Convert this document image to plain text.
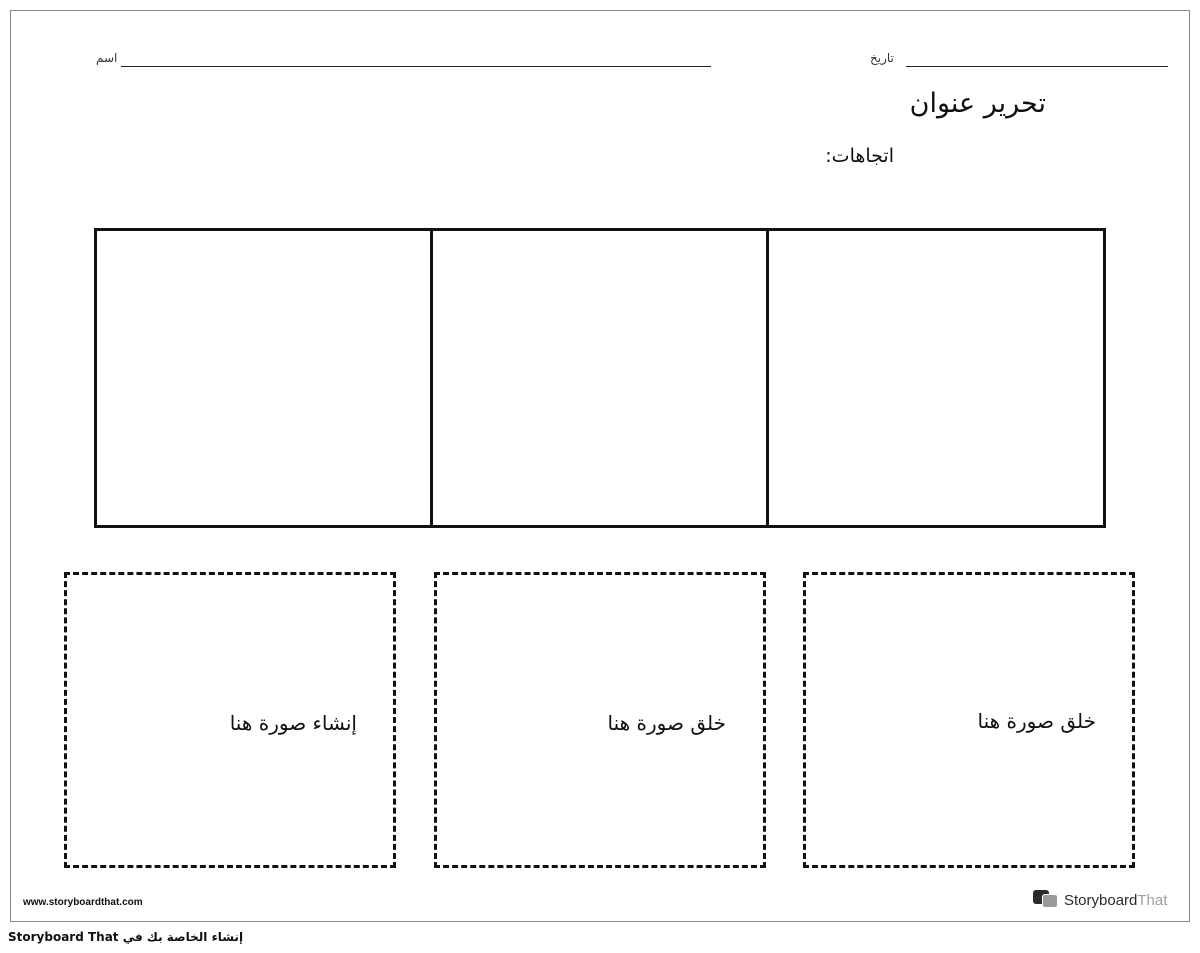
اسم	تاريخ
تحرير عنوان
اتجاهات:
إنشاء صورة هنا	خلق صورة هنا	خلق صورة هنا
www.storyboardthat.com	StoryboardThat
إنشاء الخاصة بك في Storyboard That
